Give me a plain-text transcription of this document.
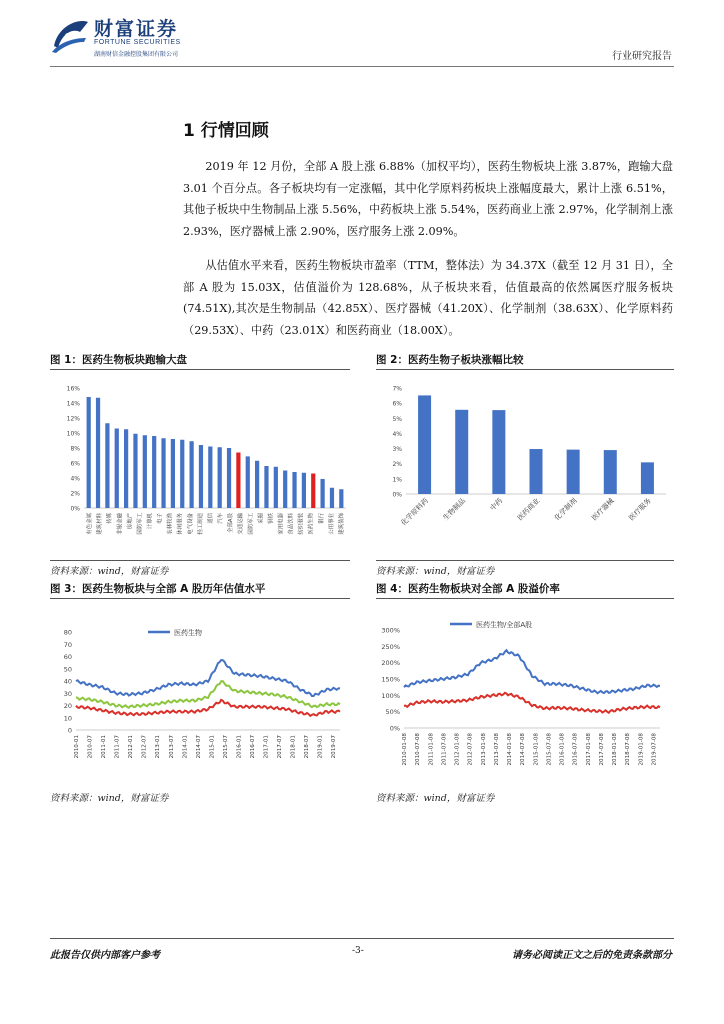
财富证券
FORTUNE SECURITIES
湖南财信金融控股集团有限公司	行业研究报告
1 行情回顾
2019 年 12 月份，全部 A 股上涨 6.88%（加权平均），医药生物板块上涨 3.87%，跑输大盘 3.01 个百分点。各子板块均有一定涨幅，其中化学原料药板块上涨幅度最大，累计上涨 6.51%，其他子板块中生物制品上涨 5.56%，中药板块上涨 5.54%，医药商业上涨 2.97%，化学制剂上涨 2.93%，医疗器械上涨 2.90%，医疗服务上涨 2.09%。
从估值水平来看，医药生物板块市盈率（TTM，整体法）为 34.37X（截至 12 月 31 日），全部 A 股为 15.03X，估值溢价为 128.68%，从子板块来看，估值最高的依然属医疗服务板块(74.51X),其次是生物制品（42.85X）、医疗器械（41.20X）、化学制剂（38.63X）、化学原料药（29.53X）、中药（23.01X）和医药商业（18.00X）。
图 1：医药生物板块跑输大盘
0%
2%
4%
6%
8%
10%
12%
14%
16%
有色金属 建筑材料 传媒 非银金融 房地产 国防军工 计算机 电子 农林牧渔 休闲服务 电气设备 轻工制造 通信 汽车 全部A股 交通运输 国防军工 采掘 钢铁 家用电器 食品饮料 纺织服装 医药生物 银行 公用事业 建筑装饰
资料来源：wind，财富证券
图 2：医药生物子板块涨幅比较
0%
1%
2%
3%
4%
5%
6%
7%
化学原料药 生物制品	中药 医药商业 化学制剂 医疗器械 医疗服务
资料来源：wind，财富证券
图 3：医药生物板块与全部 A 股历年估值水平
0
10
20
30
40
50
60
70
80
2010-01 2010-07 2011-01 2011-07 2012-01 2012-07 2013-01 2013-07 2014-01 2014-07 2015-01 2015-07 2016-01 2016-07 2017-01 2017-07 2018-01 2018-07 2019-01 2019-07
医药生物
资料来源：wind，财富证券
图 4：医药生物板块对全部 A 股溢价率
0%
50%
100%
150%
200%
250%
300%
2010-01-08 2010-07-08 2011-01-08 2011-07-08 2012-01-08 2012-07-08 2013-01-08 2013-07-08 2014-01-08 2014-07-08 2015-01-08 2015-07-08 2016-01-08 2016-07-08 2017-01-08 2017-07-08 2018-01-08 2018-07-08 2019-01-08 2019-07-08
医药生物/全部A股
资料来源：wind，财富证券
此报告仅供内部客户参考	-3-	请务必阅读正文之后的免责条款部分
